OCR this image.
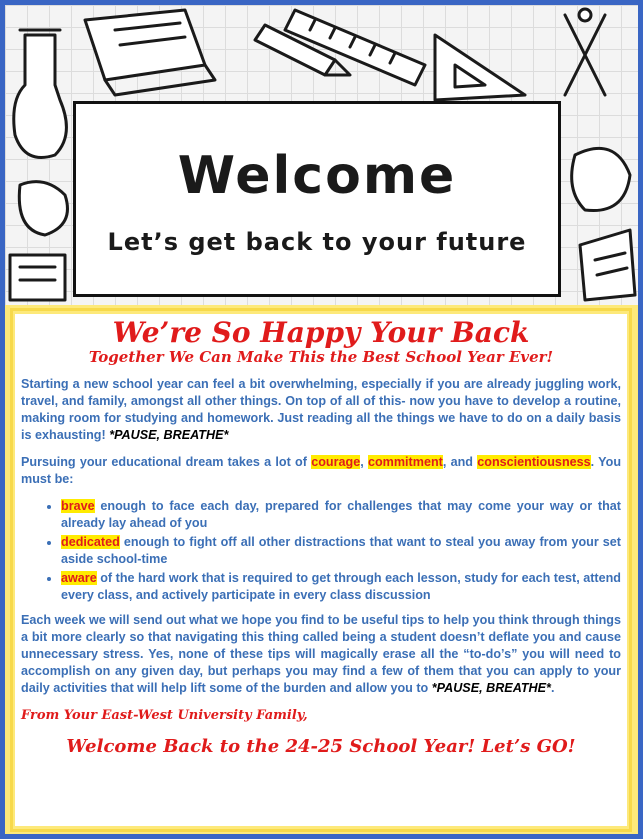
Welcome
Let’s get back to your future
We’re So Happy Your Back
Together We Can Make This the Best School Year Ever!

Starting a new school year can feel a bit overwhelming, especially if you are already juggling work, travel, and family, amongst all other things. On top of all of this- now you have to develop a routine, making room for studying and homework. Just reading all the things we have to do on a daily basis is exhausting! *PAUSE, BREATHE*

Pursuing your educational dream takes a lot of courage, commitment, and conscientiousness. You must be:

• brave enough to face each day, prepared for challenges that may come your way or that already lay ahead of you
• dedicated enough to fight off all other distractions that want to steal you away from your set aside school-time
• aware of the hard work that is required to get through each lesson, study for each test, attend every class, and actively participate in every class discussion

Each week we will send out what we hope you find to be useful tips to help you think through things a bit more clearly so that navigating this thing called being a student doesn’t deflate you and cause unnecessary stress. Yes, none of these tips will magically erase all the “to-do’s” you will need to accomplish on any given day, but perhaps you may find a few of them that you can apply to your daily activities that will help lift some of the burden and allow you to *PAUSE, BREATHE*.

From Your East-West University Family,
Welcome Back to the 24-25 School Year! Let’s GO!
